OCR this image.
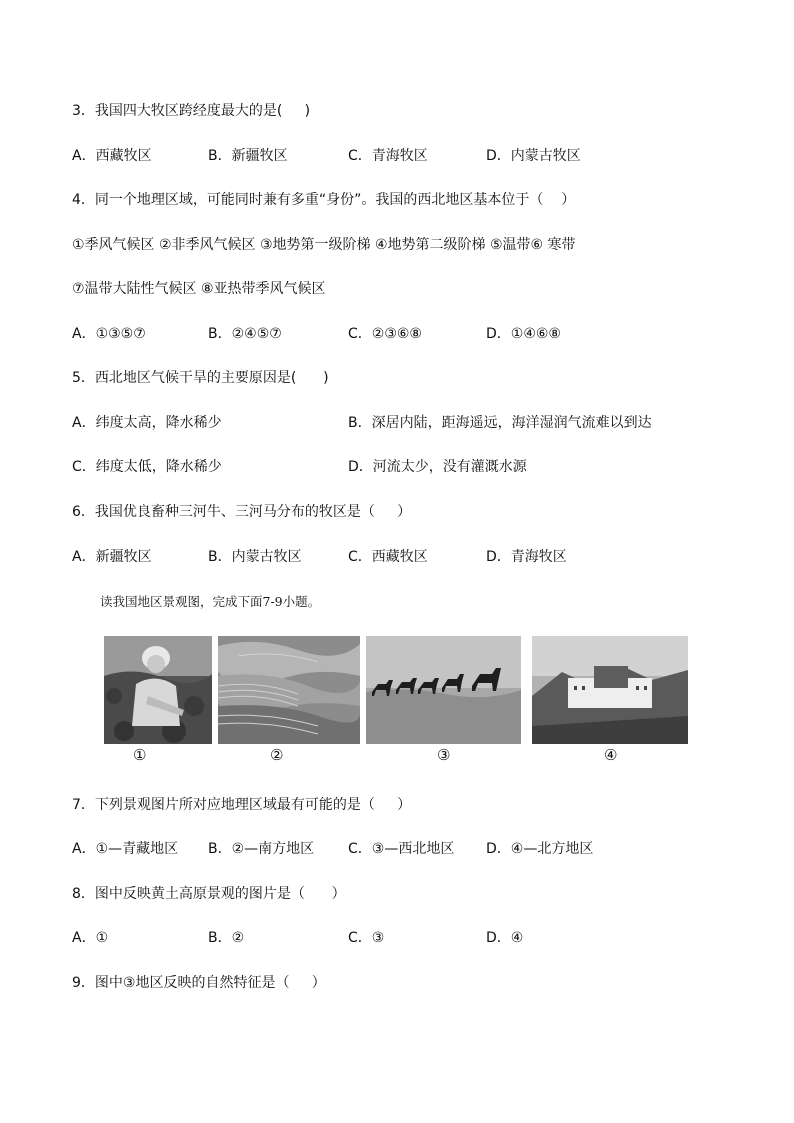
3．我国四大牧区跨经度最大的是(     )
A．西藏牧区	B．新疆牧区	C．青海牧区	D．内蒙古牧区
4．同一个地理区域，可能同时兼有多重“身份”。我国的西北地区基本位于（    ）
①季风气候区 ②非季风气候区 ③地势第一级阶梯 ④地势第二级阶梯 ⑤温带⑥ 寒带
⑦温带大陆性气候区 ⑧亚热带季风气候区
A．①③⑤⑦	B．②④⑤⑦	C．②③⑥⑧	D．①④⑥⑧
5．西北地区气候干旱的主要原因是(      )
A．纬度太高，降水稀少	B．深居内陆，距海遥远，海洋湿润气流难以到达
C．纬度太低，降水稀少	D．河流太少，没有灌溉水源
6．我国优良畜种三河牛、三河马分布的牧区是（     ）
A．新疆牧区	B．内蒙古牧区	C．西藏牧区	D．青海牧区
读我国地区景观图，完成下面7-9小题。
①	②	③	④
7．下列景观图片所对应地理区域最有可能的是（     ）
A．①—青藏地区 B．②—南方地区 C．③—西北地区 D．④—北方地区
8．图中反映黄土高原景观的图片是（      ）
A．①	B．②	C．③	D．④
9．图中③地区反映的自然特征是（     ）
